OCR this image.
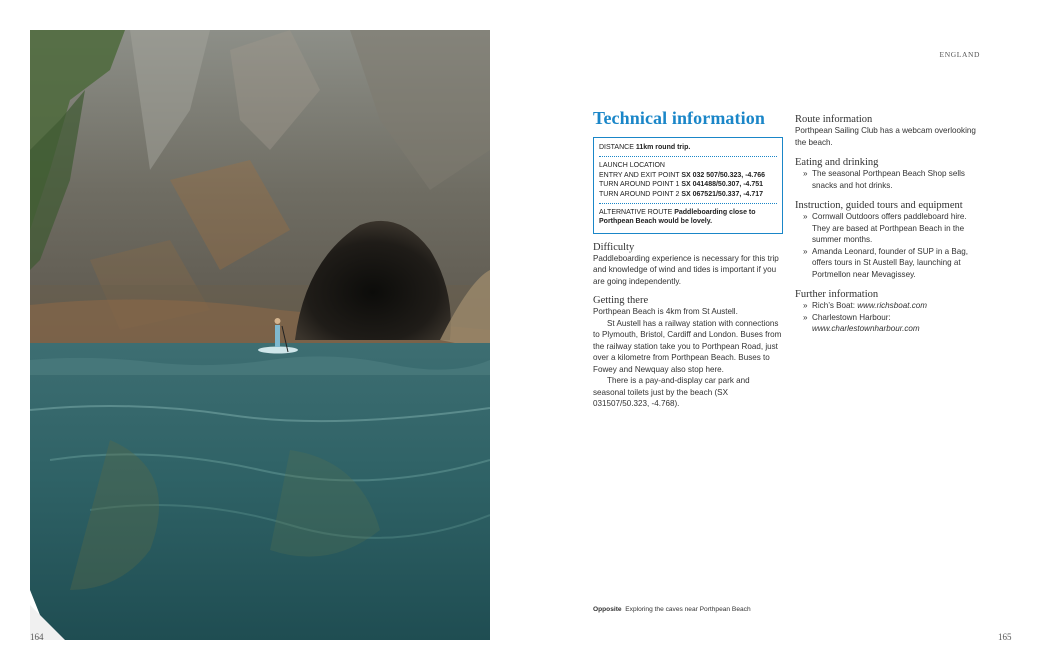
164	165
ENGLAND
Technical information
DISTANCE 11km round trip.
LAUNCH LOCATION
ENTRY AND EXIT POINT SX 032 507/50.323, -4.766
TURN AROUND POINT 1 SX 041488/50.307, -4.751
TURN AROUND POINT 2 SX 067521/50.337, -4.717
ALTERNATIVE ROUTE Paddleboarding close to Porthpean Beach would be lovely.
Difficulty

Paddleboarding experience is necessary for this trip and knowledge of wind and tides is important if you are going independently.

Getting there

Porthpean Beach is 4km from St Austell.

St Austell has a railway station with connections to Plymouth, Bristol, Cardiff and London. Buses from the railway station take you to Porthpean Road, just over a kilometre from Porthpean Beach. Buses to Fowey and Newquay also stop here.

There is a pay-and-display car park and seasonal toilets just by the beach (SX 031507/50.323, -4.768).

Route information

Porthpean Sailing Club has a webcam overlooking the beach.

Eating and drinking
» The seasonal Porthpean Beach Shop sells snacks and hot drinks.
Instruction, guided tours and equipment
» Cornwall Outdoors offers paddleboard hire. They are based at Porthpean Beach in the summer months.
» Amanda Leonard, founder of SUP in a Bag, offers tours in St Austell Bay, launching at Portmellon near Mevagissey.
Further information
» Rich’s Boat: www.richsboat.com
» Charlestown Harbour:
www.charlestownharbour.com
Opposite Exploring the caves near Porthpean Beach
